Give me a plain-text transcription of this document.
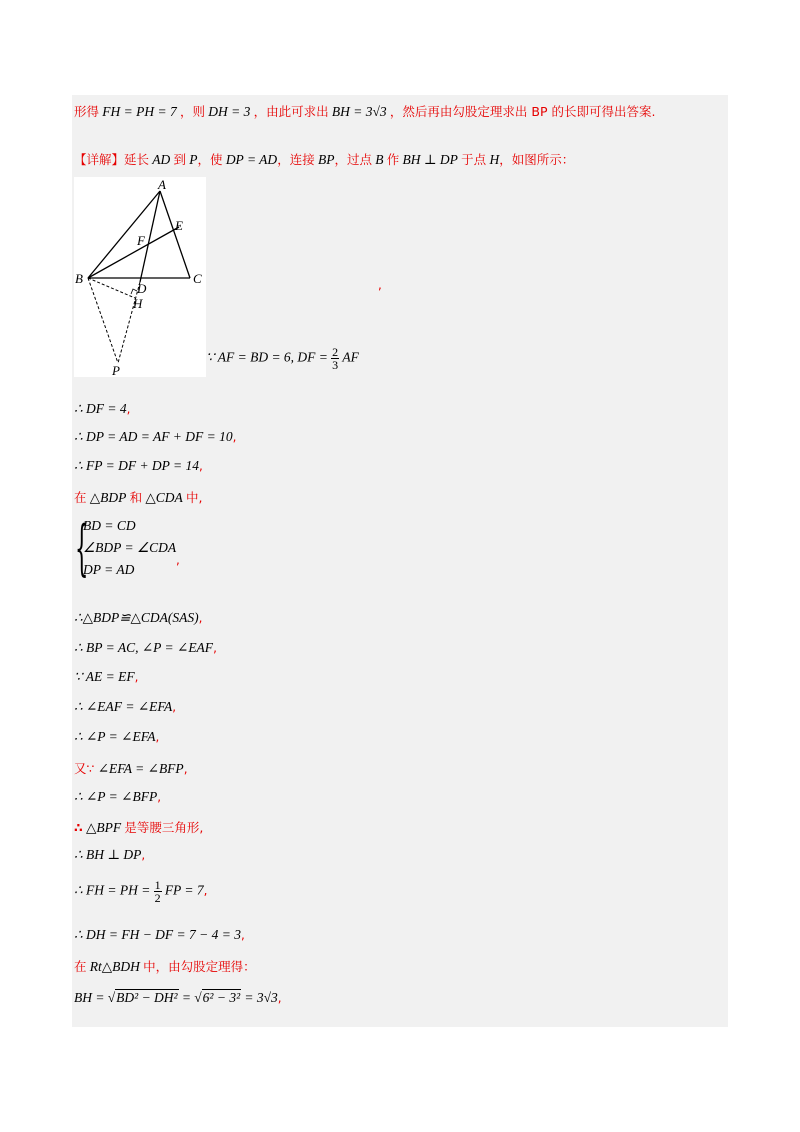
形得 FH = PH = 7 ，则 DH = 3 ，由此可求出 BH = 3√3 ，然后再由勾股定理求出 BP 的长即可得出答案.
【详解】延长 AD 到 P，使 DP = AD，连接 BP，过点 B 作 BH ⊥ DP 于点 H，如图所示：
A
E
F
B
D
C
H
P
,
∵ AF = BD = 6, DF = $\frac{2}{3}$ AF
∴ DF = 4,
∴ DP = AD = AF + DF = 10,
∴ FP = DF + DP = 14,
在 △BDP 和 △CDA 中,
{
BD = CD
∠BDP = ∠CDA
DP = AD
,
∴△BDP≌△CDA(SAS),
∴ BP = AC, ∠P = ∠EAF,
∵ AE = EF,
∴ ∠EAF = ∠EFA,
∴ ∠P = ∠EFA,
又∵ ∠EFA = ∠BFP,
∴ ∠P = ∠BFP,
∴ △BPF 是等腰三角形,
∴ BH ⊥ DP,
∴ FH = PH = $\frac{1}{2}$ FP = 7,
∴ DH = FH − DF = 7 − 4 = 3,
在 Rt△BDH 中，由勾股定理得：
BH = √BD² − DH² = √6² − 3² = 3√3,
